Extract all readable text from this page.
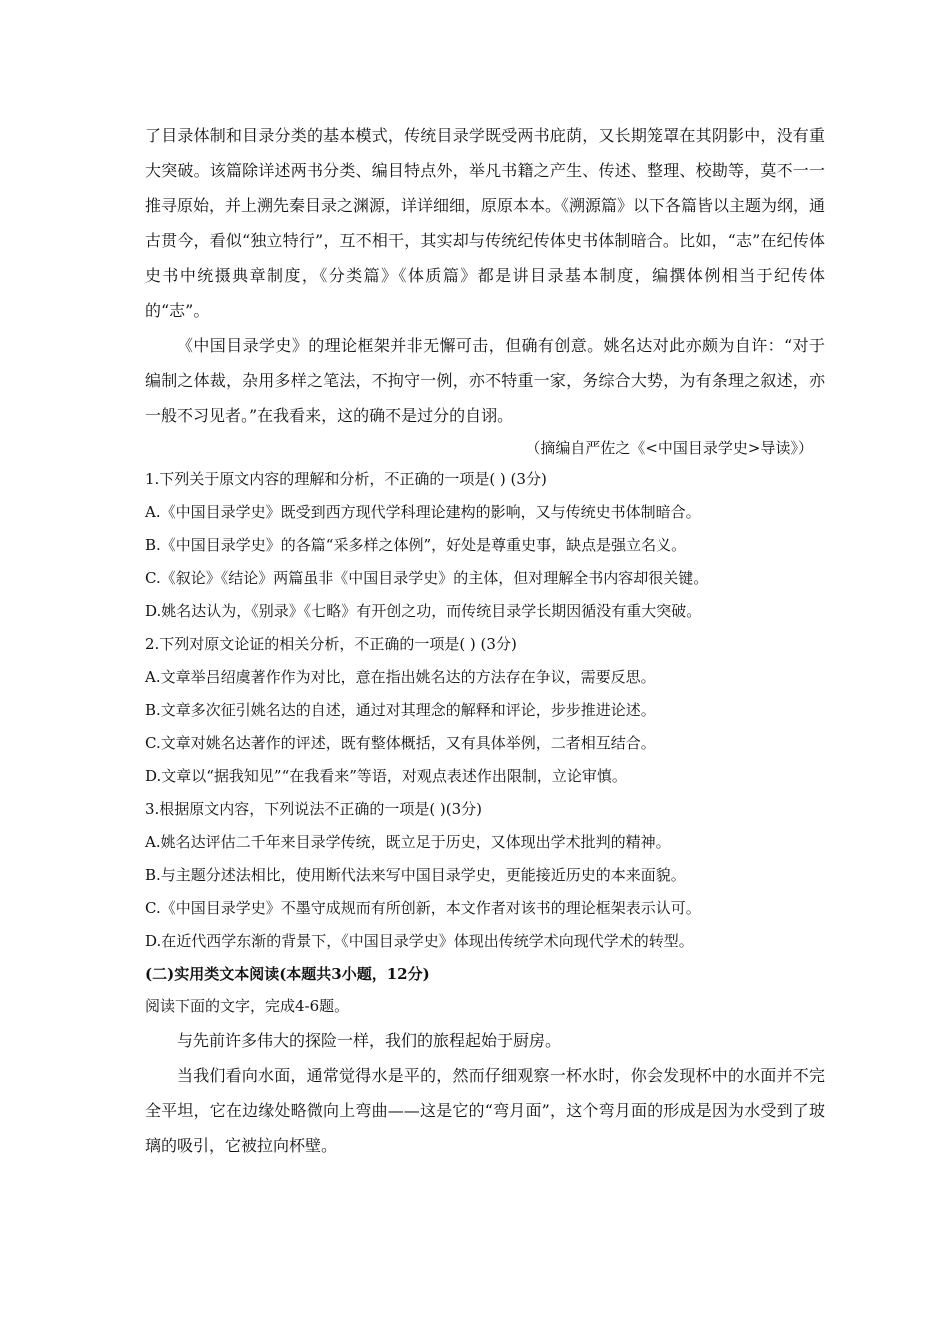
了目录体制和目录分类的基本模式，传统目录学既受两书庇荫，又长期笼罩在其阴影中，没有重大突破。该篇除详述两书分类、编目特点外，举凡书籍之产生、传述、整理、校勘等，莫不一一推寻原始，并上溯先秦目录之渊源，详详细细，原原本本。《溯源篇》以下各篇皆以主题为纲，通古贯今，看似“独立特行”，互不相干，其实却与传统纪传体史书体制暗合。比如，“志”在纪传体史书中统摄典章制度，《分类篇》《体质篇》都是讲目录基本制度，编撰体例相当于纪传体的“志”。

《中国目录学史》的理论框架并非无懈可击，但确有创意。姚名达对此亦颇为自许：“对于编制之体裁，杂用多样之笔法，不拘守一例，亦不特重一家，务综合大势，为有条理之叙述，亦一般不习见者。”在我看来，这的确不是过分的自诩。

（摘编自严佐之《<中国目录学史>导读》）

1.下列关于原文内容的理解和分析，不正确的一项是( ) (3分)

A.《中国目录学史》既受到西方现代学科理论建构的影响，又与传统史书体制暗合。

B.《中国目录学史》的各篇“采多样之体例”，好处是尊重史事，缺点是强立名义。

C.《叙论》《结论》两篇虽非《中国目录学史》的主体，但对理解全书内容却很关键。

D.姚名达认为，《别录》《七略》有开创之功，而传统目录学长期因循没有重大突破。

2.下列对原文论证的相关分析，不正确的一项是( ) (3分)

A.文章举吕绍虞著作作为对比，意在指出姚名达的方法存在争议，需要反思。

B.文章多次征引姚名达的自述，通过对其理念的解释和评论，步步推进论述。

C.文章对姚名达著作的评述，既有整体概括，又有具体举例，二者相互结合。

D.文章以“据我知见”“在我看来”等语，对观点表述作出限制，立论审慎。

3.根据原文内容，下列说法不正确的一项是( )(3分)

A.姚名达评估二千年来目录学传统，既立足于历史，又体现出学术批判的精神。

B.与主题分述法相比，使用断代法来写中国目录学史，更能接近历史的本来面貌。

C.《中国目录学史》不墨守成规而有所创新，本文作者对该书的理论框架表示认可。

D.在近代西学东渐的背景下，《中国目录学史》体现出传统学术向现代学术的转型。

(二)实用类文本阅读(本题共3小题，12分)

阅读下面的文字，完成4-6题。

与先前许多伟大的探险一样，我们的旅程起始于厨房。

当我们看向水面，通常觉得水是平的，然而仔细观察一杯水时，你会发现杯中的水面并不完全平坦，它在边缘处略微向上弯曲——这是它的“弯月面”，这个弯月面的形成是因为水受到了玻璃的吸引，它被拉向杯壁。
